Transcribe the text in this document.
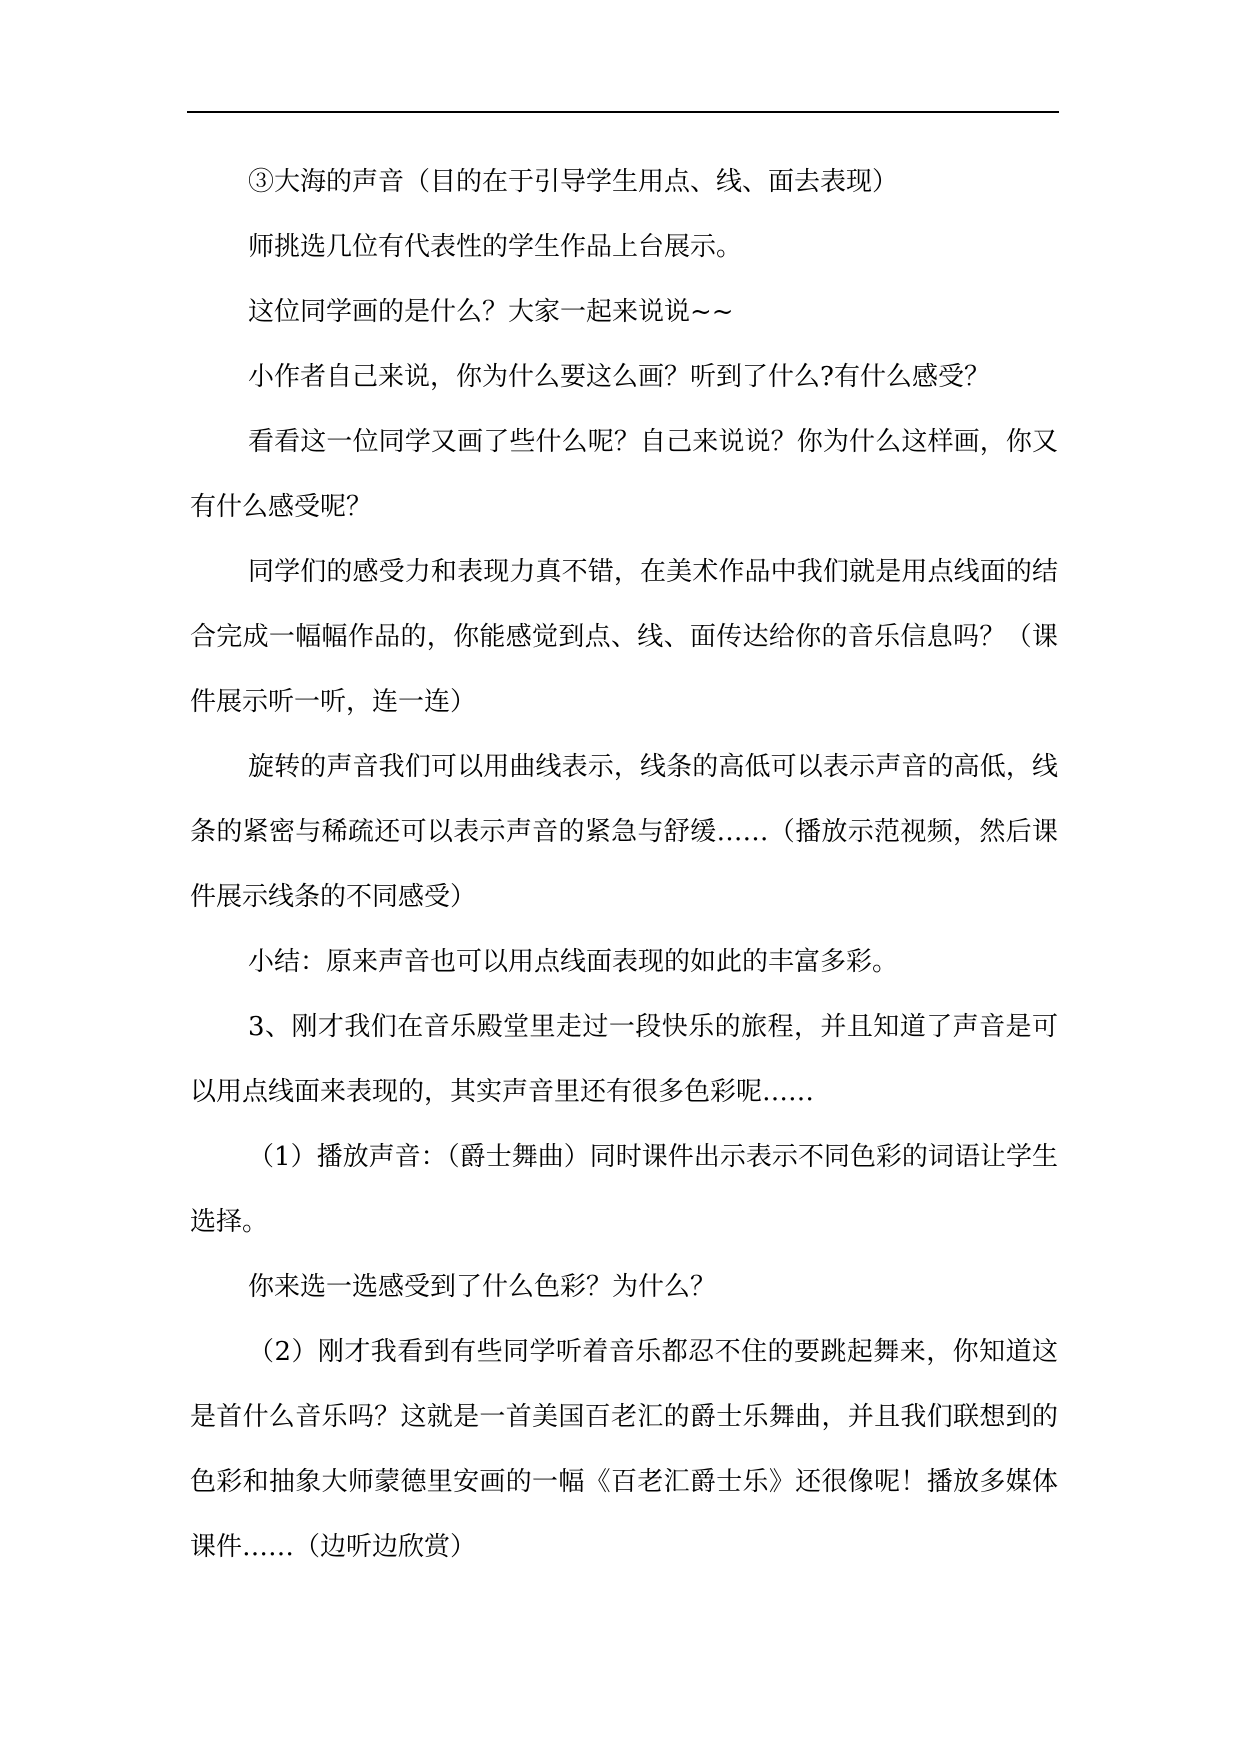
③大海的声音（目的在于引导学生用点、线、面去表现）

师挑选几位有代表性的学生作品上台展示。

这位同学画的是什么？大家一起来说说~~

小作者自己来说，你为什么要这么画？听到了什么?有什么感受？

看看这一位同学又画了些什么呢？自己来说说？你为什么这样画，你又有什么感受呢？

同学们的感受力和表现力真不错，在美术作品中我们就是用点线面的结合完成一幅幅作品的，你能感觉到点、线、面传达给你的音乐信息吗？（课件展示听一听，连一连）

旋转的声音我们可以用曲线表示，线条的高低可以表示声音的高低，线条的紧密与稀疏还可以表示声音的紧急与舒缓……（播放示范视频，然后课件展示线条的不同感受）

小结：原来声音也可以用点线面表现的如此的丰富多彩。

3、刚才我们在音乐殿堂里走过一段快乐的旅程，并且知道了声音是可以用点线面来表现的，其实声音里还有很多色彩呢……

（1）播放声音：（爵士舞曲）同时课件出示表示不同色彩的词语让学生选择。

你来选一选感受到了什么色彩？为什么？

（2）刚才我看到有些同学听着音乐都忍不住的要跳起舞来，你知道这是首什么音乐吗？这就是一首美国百老汇的爵士乐舞曲，并且我们联想到的色彩和抽象大师蒙德里安画的一幅《百老汇爵士乐》还很像呢！播放多媒体课件……（边听边欣赏）
